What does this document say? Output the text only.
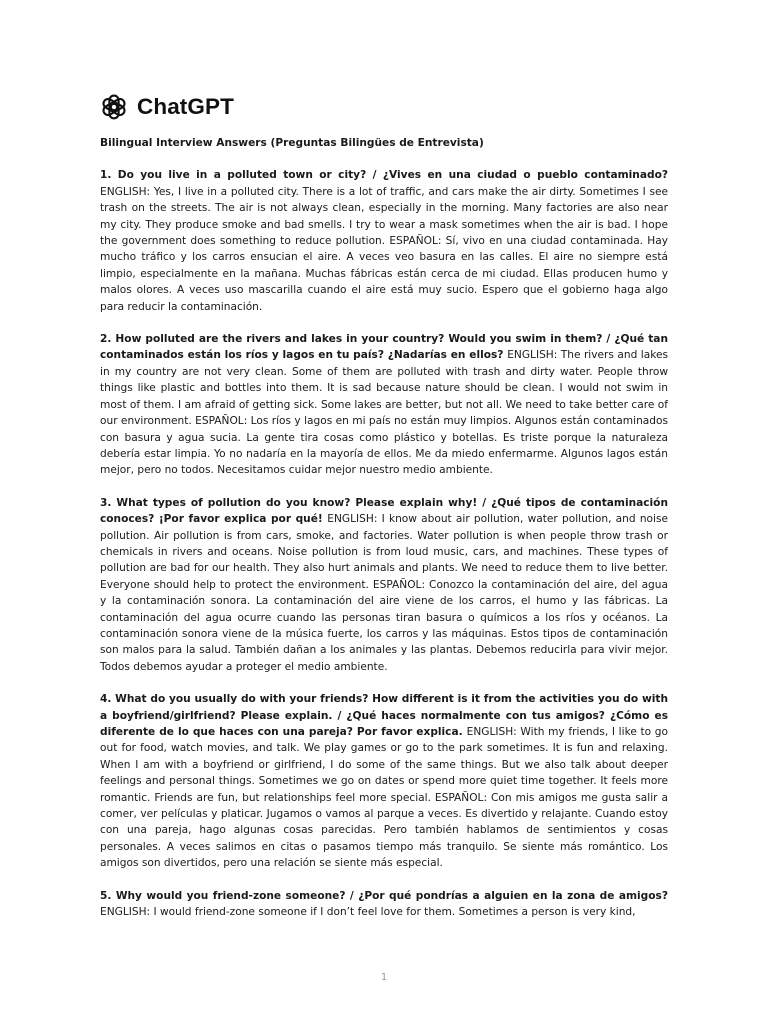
ChatGPT
Bilingual Interview Answers (Preguntas Bilingües de Entrevista)
1. Do you live in a polluted town or city? / ¿Vives en una ciudad o pueblo contaminado? ENGLISH: Yes, I live in a polluted city. There is a lot of traffic, and cars make the air dirty. Sometimes I see trash on the streets. The air is not always clean, especially in the morning. Many factories are also near my city. They produce smoke and bad smells. I try to wear a mask sometimes when the air is bad. I hope the government does something to reduce pollution. ESPAÑOL: Sí, vivo en una ciudad contaminada. Hay mucho tráfico y los carros ensucian el aire. A veces veo basura en las calles. El aire no siempre está limpio, especialmente en la mañana. Muchas fábricas están cerca de mi ciudad. Ellas producen humo y malos olores. A veces uso mascarilla cuando el aire está muy sucio. Espero que el gobierno haga algo para reducir la contaminación.
2. How polluted are the rivers and lakes in your country? Would you swim in them? / ¿Qué tan contaminados están los ríos y lagos en tu país? ¿Nadarías en ellos? ENGLISH: The rivers and lakes in my country are not very clean. Some of them are polluted with trash and dirty water. People throw things like plastic and bottles into them. It is sad because nature should be clean. I would not swim in most of them. I am afraid of getting sick. Some lakes are better, but not all. We need to take better care of our environment. ESPAÑOL: Los ríos y lagos en mi país no están muy limpios. Algunos están contaminados con basura y agua sucia. La gente tira cosas como plástico y botellas. Es triste porque la naturaleza debería estar limpia. Yo no nadaría en la mayoría de ellos. Me da miedo enfermarme. Algunos lagos están mejor, pero no todos. Necesitamos cuidar mejor nuestro medio ambiente.
3. What types of pollution do you know? Please explain why! / ¿Qué tipos de contaminación conoces? ¡Por favor explica por qué! ENGLISH: I know about air pollution, water pollution, and noise pollution. Air pollution is from cars, smoke, and factories. Water pollution is when people throw trash or chemicals in rivers and oceans. Noise pollution is from loud music, cars, and machines. These types of pollution are bad for our health. They also hurt animals and plants. We need to reduce them to live better. Everyone should help to protect the environment. ESPAÑOL: Conozco la contaminación del aire, del agua y la contaminación sonora. La contaminación del aire viene de los carros, el humo y las fábricas. La contaminación del agua ocurre cuando las personas tiran basura o químicos a los ríos y océanos. La contaminación sonora viene de la música fuerte, los carros y las máquinas. Estos tipos de contaminación son malos para la salud. También dañan a los animales y las plantas. Debemos reducirla para vivir mejor. Todos debemos ayudar a proteger el medio ambiente.
4. What do you usually do with your friends? How different is it from the activities you do with a boyfriend/girlfriend? Please explain. / ¿Qué haces normalmente con tus amigos? ¿Cómo es diferente de lo que haces con una pareja? Por favor explica. ENGLISH: With my friends, I like to go out for food, watch movies, and talk. We play games or go to the park sometimes. It is fun and relaxing. When I am with a boyfriend or girlfriend, I do some of the same things. But we also talk about deeper feelings and personal things. Sometimes we go on dates or spend more quiet time together. It feels more romantic. Friends are fun, but relationships feel more special. ESPAÑOL: Con mis amigos me gusta salir a comer, ver películas y platicar. Jugamos o vamos al parque a veces. Es divertido y relajante. Cuando estoy con una pareja, hago algunas cosas parecidas. Pero también hablamos de sentimientos y cosas personales. A veces salimos en citas o pasamos tiempo más tranquilo. Se siente más romántico. Los amigos son divertidos, pero una relación se siente más especial.
5. Why would you friend-zone someone? / ¿Por qué pondrías a alguien en la zona de amigos? ENGLISH: I would friend-zone someone if I don’t feel love for them. Sometimes a person is very kind,
1
